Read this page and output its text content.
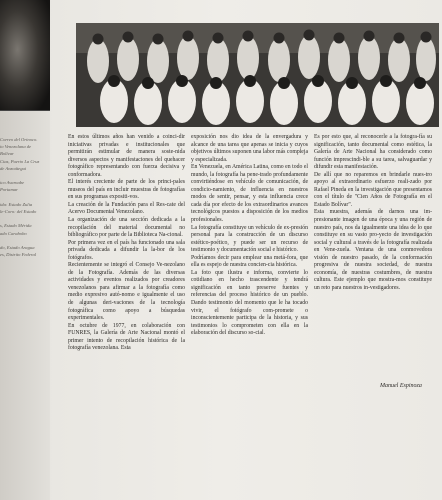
Correo del Orinoco.
io Venezolana de
Bolívar
Ctas, Puerto La Cruz
de Anzoátegui

ico Avaroabe
Portamar

ida: Estado Zulia
le-Coro: del Estado

s, Estado Mérida
ado Carabobo

do, Estado Aragua
es, Distrito Federal

En estos últimos años han venido a coinci-dir iniciativas privadas e institucionales que permitirán estimular de manera soste-nida diversos aspectos y manifestaciones del quehacer fotográfico representando con fuerza decisiva y conformadora.

El interés creciente de parte de los princi-pales museos del país en incluir muestras de fotografías en sus programas expositi-vos.

La creación de la Fundación para el Res-cate del Acervo Documental Venezolano.

La organización de una sección dedicada a la recopilación del material documental no bibliográfico por parte de la Biblioteca Na-cional.

Por primera vez en el país ha funcionado una sala privada dedicada a difundir la la-bor de los fotógrafos.

Recientemente se integró el Consejo Ve-nezolano de la Fotografía. Además de las diversas actividades y eventos realizados por creadores venezolanos para afirmar a la fotografía como medio expresivo autó-nomo e igualmente el uso de algunas deri-vaciones de la tecnología fotográfica como apoyo a búsquedas experimentales.

En octubre de 1977, en colaboración con FUNRES, la Galería de Arte Nacional montó el primer intento de recopilación histórica de la fotografía venezolana. Esta

exposición nos dio idea de la envergadura y alcance de una tarea que apenas se inicia y cuyos objetivos últimos suponen una labor más compleja y especializada.

En Venezuela, en América Latina, como en todo el mundo, la fotografía ha pene-trado profundamente convirtiéndose en vehículo de comunicación, de condicio-namiento, de influencia en nuestros modos de sentir, pensar, y esta influencia crece cada día por efecto de los extraordinarios avances tecnológicos puestos a disposición de los medios profesionales.

La fotografía constituye un vehículo de ex-presión personal para la construcción de un discurso estético-poético, y puede ser un recurso de testimonio y documentación social e histórico.

Podríamos decir para emplear una metá-fora, que ella es espejo de nuestra concien-cia histórica.

La foto que ilustra e informa, convierte lo cotidiano en hecho trascendente y tendrá significación en tanto preserve fuentes y referencias del proceso histórico de un pueblo. Dando testimonio del momento que le ha tocado vivir, el fotógrafo com-promete o inconscientemente participa de la historia, y sus testimonios lo comprometen con ella en la elaboración del discurso so-cial.

Es por esto que, al reconocerle a la fotogra-fía su significación, tanto documental como estética, la Galería de Arte Nacional ha considerado como función imprescindi-ble a su tarea, salvaguardar y difundir esta manifestación.

De allí que no reparemos en brindarle nues-tro apoyo al extraordinario esfuerzo reali-zado por Rafael Pineda en la investigación que presentamos con el título de "Cien Años de Fotografía en el Estado Bolívar".

Esta muestra, además de darnos una im-presionante imagen de una época y una región de nuestro país, nos da igualmente una idea de lo que constituye en su vasto pro-yecto de investigación social y cultural a través de la fotografía realizada en Vene-zuela. Ventana de una conmovedora visión de nuestro pasado, de la conformación progresiva de nuestra sociedad, de nuestra economía, de nuestras costumbres, de nuestra cultura. Este ejemplo que mostra-mos constituye un reto para nuestros in-vestigadores.

Manuel Espinoza
